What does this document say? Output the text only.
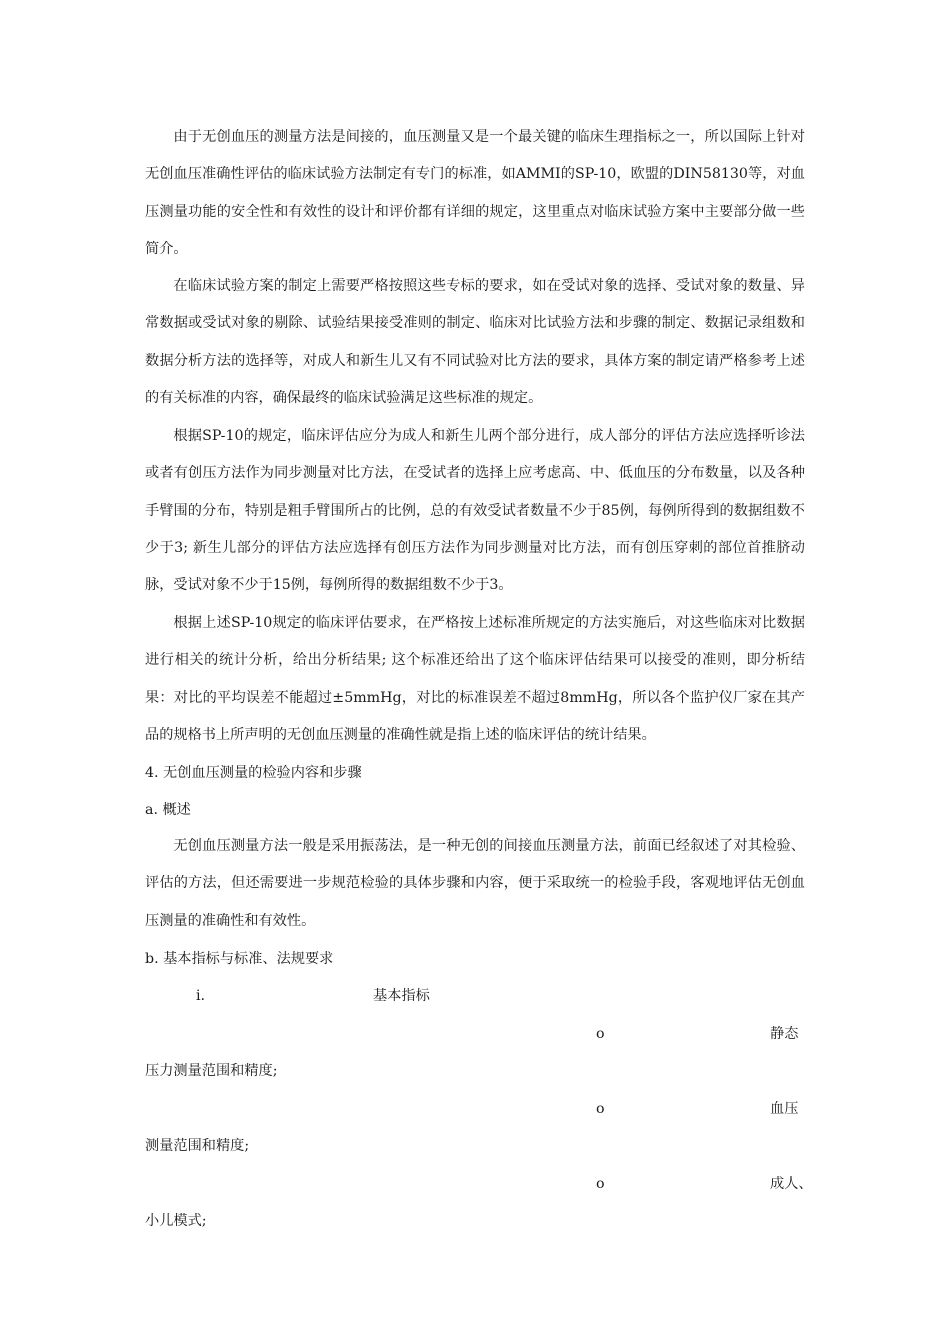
由于无创血压的测量方法是间接的，血压测量又是一个最关键的临床生理指标之一，所以国际上针对无创血压准确性评估的临床试验方法制定有专门的标准，如AMMI的SP-10，欧盟的DIN58130等，对血压测量功能的安全性和有效性的设计和评价都有详细的规定，这里重点对临床试验方案中主要部分做一些简介。

在临床试验方案的制定上需要严格按照这些专标的要求，如在受试对象的选择、受试对象的数量、异常数据或受试对象的剔除、试验结果接受准则的制定、临床对比试验方法和步骤的制定、数据记录组数和数据分析方法的选择等，对成人和新生儿又有不同试验对比方法的要求，具体方案的制定请严格参考上述的有关标准的内容，确保最终的临床试验满足这些标准的规定。

根据SP-10的规定，临床评估应分为成人和新生儿两个部分进行，成人部分的评估方法应选择听诊法或者有创压方法作为同步测量对比方法，在受试者的选择上应考虑高、中、低血压的分布数量，以及各种手臂围的分布，特别是粗手臂围所占的比例，总的有效受试者数量不少于85例，每例所得到的数据组数不少于3; 新生儿部分的评估方法应选择有创压方法作为同步测量对比方法，而有创压穿刺的部位首推脐动脉，受试对象不少于15例，每例所得的数据组数不少于3。

根据上述SP-10规定的临床评估要求，在严格按上述标准所规定的方法实施后，对这些临床对比数据进行相关的统计分析，给出分析结果; 这个标准还给出了这个临床评估结果可以接受的准则，即分析结果：对比的平均误差不能超过±5mmHg，对比的标准误差不超过8mmHg，所以各个监护仪厂家在其产品的规格书上所声明的无创血压测量的准确性就是指上述的临床评估的统计结果。

4. 无创血压测量的检验内容和步骤

a. 概述

无创血压测量方法一般是采用振荡法，是一种无创的间接血压测量方法，前面已经叙述了对其检验、评估的方法，但还需要进一步规范检验的具体步骤和内容，便于采取统一的检验手段，客观地评估无创血压测量的准确性和有效性。

b. 基本指标与标准、法规要求

i.	基本指标

o	静态

压力测量范围和精度;

o	血压

测量范围和精度;

o	成人、

小儿模式;
